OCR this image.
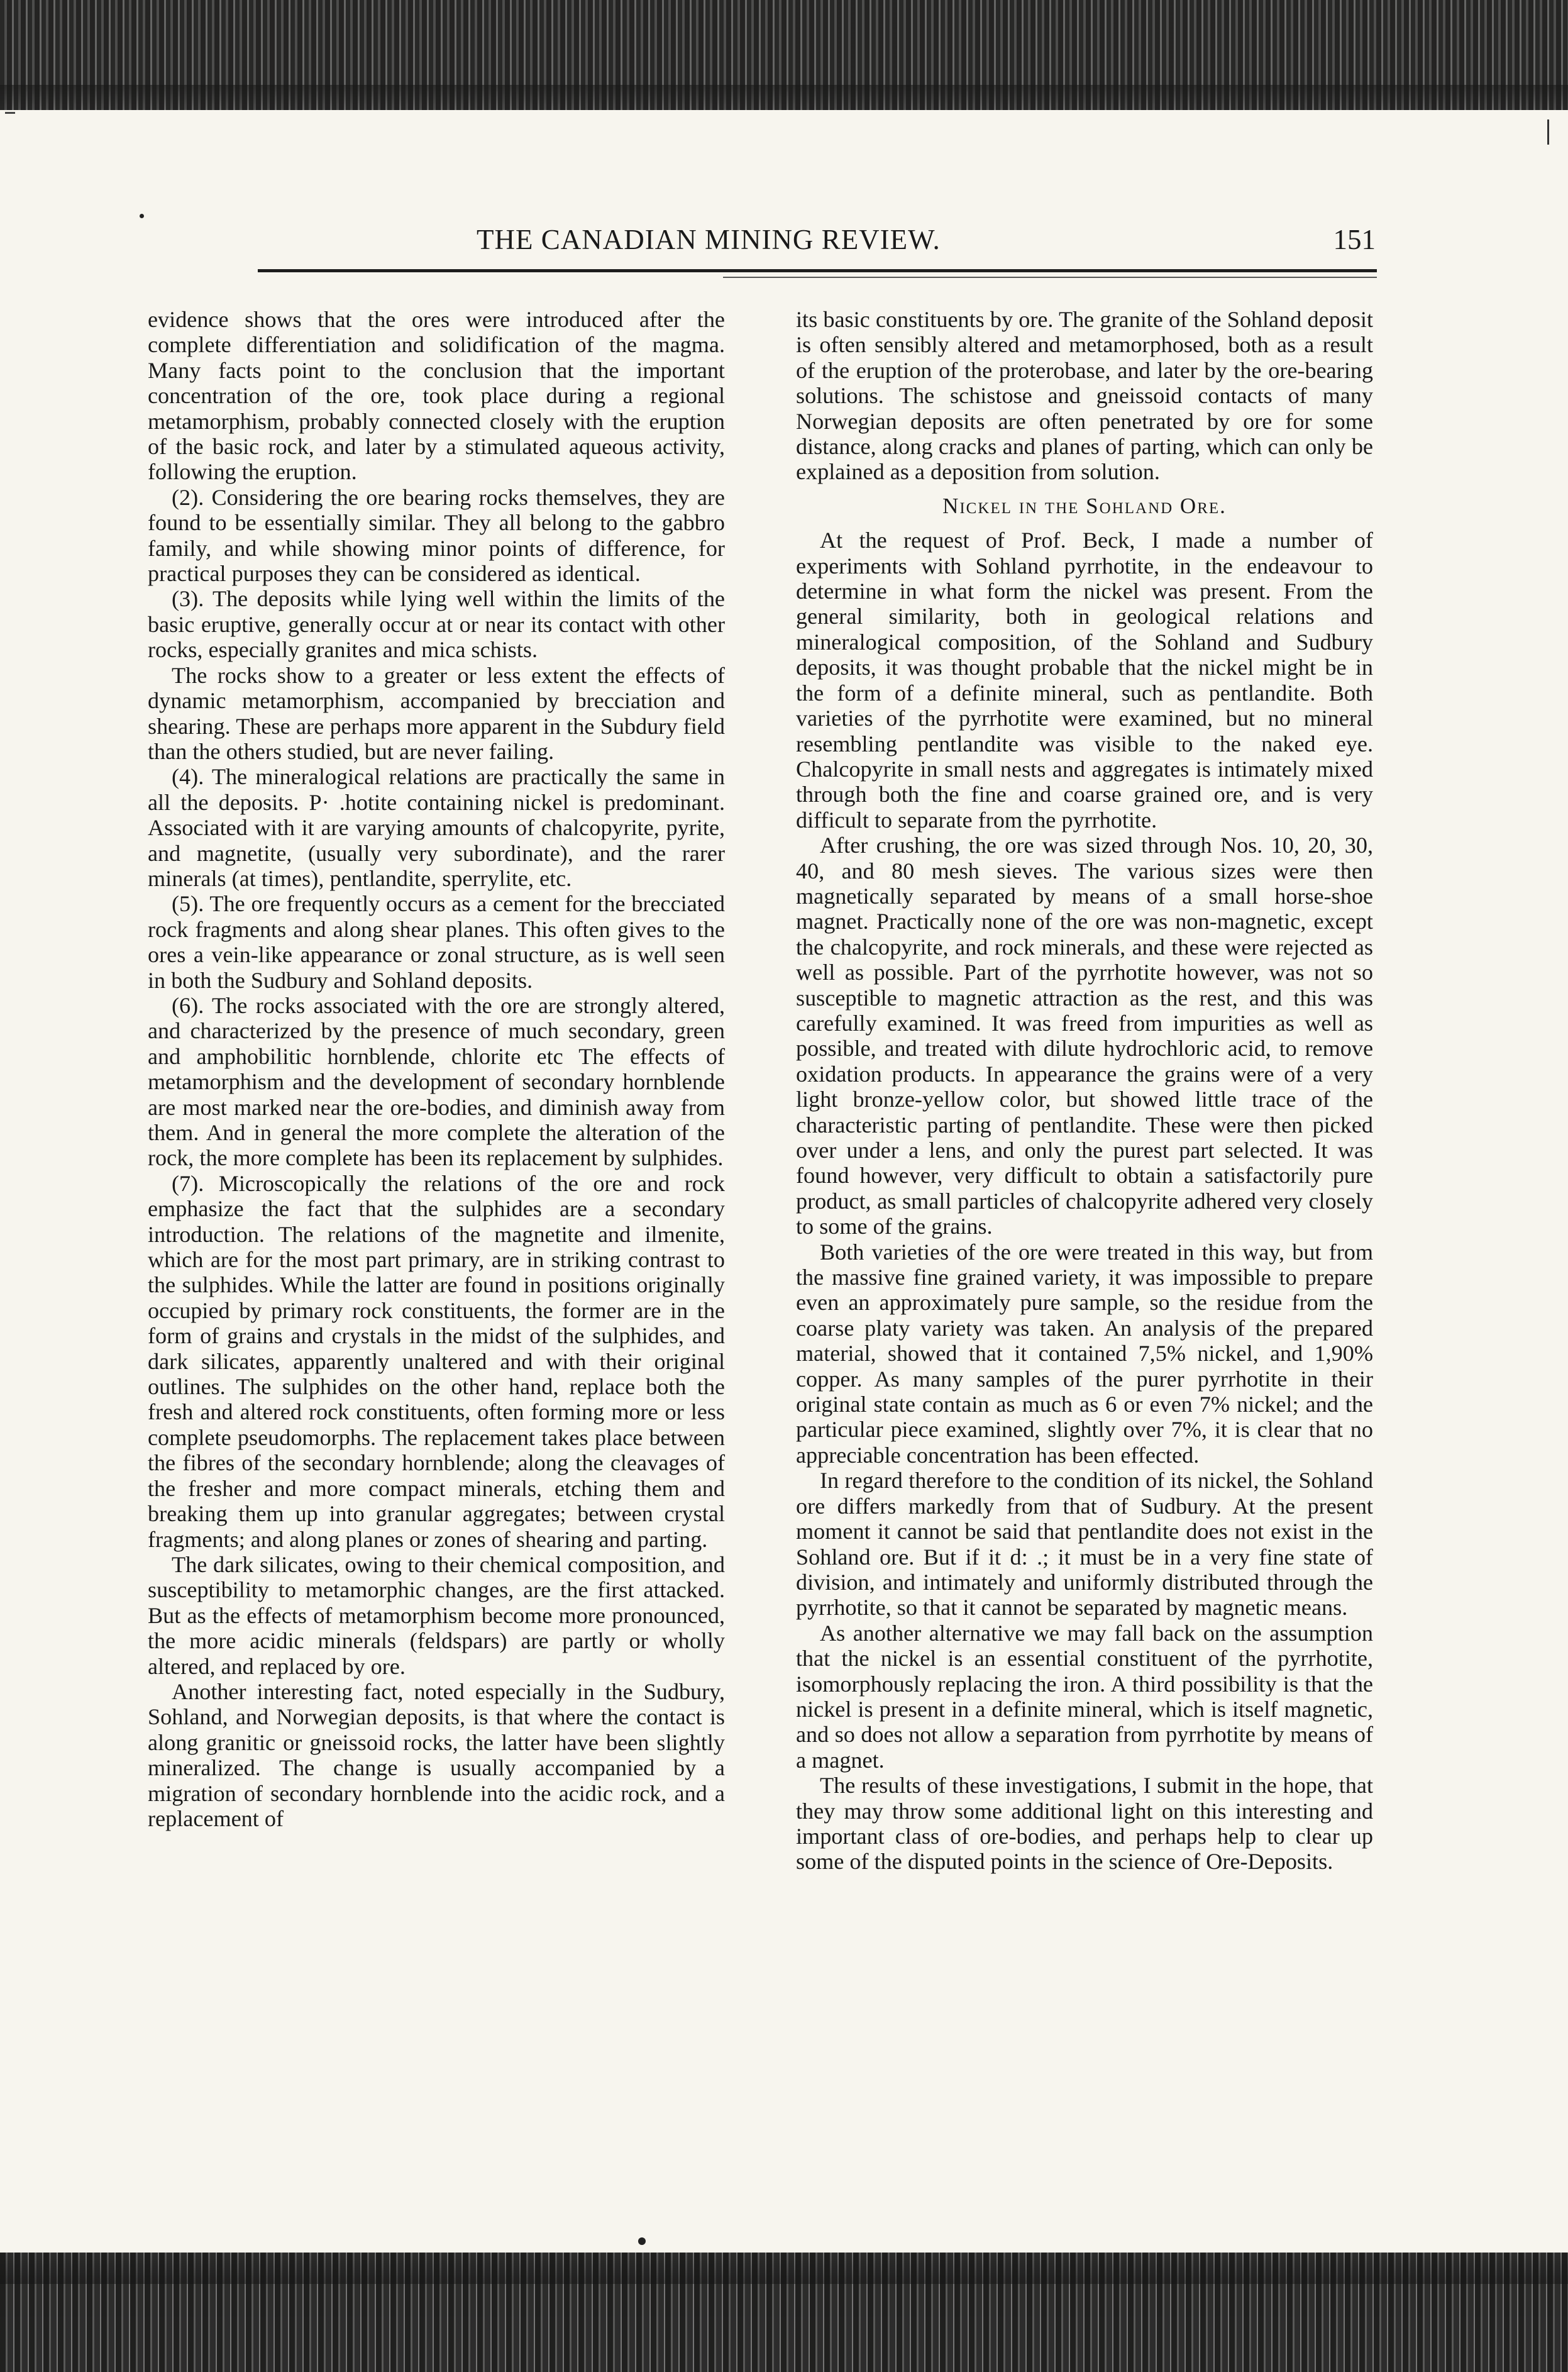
THE CANADIAN MINING REVIEW.	151

evidence shows that the ores were introduced after the complete differentiation and solidification of the magma. Many facts point to the conclusion that the important concentration of the ore, took place during a regional metamorphism, probably connected closely with the eruption of the basic rock, and later by a stimulated aqueous activity, following the eruption.

(2). Considering the ore bearing rocks themselves, they are found to be essentially similar. They all belong to the gabbro family, and while showing minor points of difference, for practical purposes they can be considered as identical.

(3). The deposits while lying well within the limits of the basic eruptive, generally occur at or near its contact with other rocks, especially granites and mica schists.

The rocks show to a greater or less extent the effects of dynamic metamorphism, accompanied by brecciation and shearing. These are perhaps more apparent in the Subdury field than the others studied, but are never failing.

(4). The mineralogical relations are practically the same in all the deposits. P· .hotite containing nickel is predominant. Associated with it are varying amounts of chalcopyrite, pyrite, and magnetite, (usually very subordinate), and the rarer minerals (at times), pentlandite, sperrylite, etc.

(5). The ore frequently occurs as a cement for the brecciated rock fragments and along shear planes. This often gives to the ores a vein-like appearance or zonal structure, as is well seen in both the Sudbury and Sohland deposits.

(6). The rocks associated with the ore are strongly altered, and characterized by the presence of much secondary, green and amphobilitic hornblende, chlorite etc The effects of metamorphism and the development of secondary hornblende are most marked near the ore-bodies, and diminish away from them. And in general the more complete the alteration of the rock, the more complete has been its replacement by sulphides.

(7). Microscopically the relations of the ore and rock emphasize the fact that the sulphides are a secondary introduction. The relations of the magnetite and ilmenite, which are for the most part primary, are in striking contrast to the sulphides. While the latter are found in positions originally occupied by primary rock constituents, the former are in the form of grains and crystals in the midst of the sulphides, and dark silicates, apparently unaltered and with their original outlines. The sulphides on the other hand, replace both the fresh and altered rock constituents, often forming more or less complete pseudomorphs. The replacement takes place between the fibres of the secondary hornblende; along the cleavages of the fresher and more compact minerals, etching them and breaking them up into granular aggregates; between crystal fragments; and along planes or zones of shearing and parting.

The dark silicates, owing to their chemical composition, and susceptibility to metamorphic changes, are the first attacked. But as the effects of metamorphism become more pronounced, the more acidic minerals (feldspars) are partly or wholly altered, and replaced by ore.

Another interesting fact, noted especially in the Sudbury, Sohland, and Norwegian deposits, is that where the contact is along granitic or gneissoid rocks, the latter have been slightly mineralized. The change is usually accompanied by a migration of secondary hornblende into the acidic rock, and a replacement of

its basic constituents by ore. The granite of the Sohland deposit is often sensibly altered and metamorphosed, both as a result of the eruption of the proterobase, and later by the ore-bearing solutions. The schistose and gneissoid contacts of many Norwegian deposits are often penetrated by ore for some distance, along cracks and planes of parting, which can only be explained as a deposition from solution.

Nickel in the Sohland Ore.

At the request of Prof. Beck, I made a number of experiments with Sohland pyrrhotite, in the endeavour to determine in what form the nickel was present. From the general similarity, both in geological relations and mineralogical composition, of the Sohland and Sudbury deposits, it was thought probable that the nickel might be in the form of a definite mineral, such as pentlandite. Both varieties of the pyrrhotite were examined, but no mineral resembling pentlandite was visible to the naked eye. Chalcopyrite in small nests and aggregates is intimately mixed through both the fine and coarse grained ore, and is very difficult to separate from the pyrrhotite.

After crushing, the ore was sized through Nos. 10, 20, 30, 40, and 80 mesh sieves. The various sizes were then magnetically separated by means of a small horse-shoe magnet. Practically none of the ore was non-magnetic, except the chalcopyrite, and rock minerals, and these were rejected as well as possible. Part of the pyrrhotite however, was not so susceptible to magnetic attraction as the rest, and this was carefully examined. It was freed from impurities as well as possible, and treated with dilute hydrochloric acid, to remove oxidation products. In appearance the grains were of a very light bronze-yellow color, but showed little trace of the characteristic parting of pentlandite. These were then picked over under a lens, and only the purest part selected. It was found however, very difficult to obtain a satisfactorily pure product, as small particles of chalcopyrite adhered very closely to some of the grains.

Both varieties of the ore were treated in this way, but from the massive fine grained variety, it was impossible to prepare even an approximately pure sample, so the residue from the coarse platy variety was taken. An analysis of the prepared material, showed that it contained 7,5% nickel, and 1,90% copper. As many samples of the purer pyrrhotite in their original state contain as much as 6 or even 7% nickel; and the particular piece examined, slightly over 7%, it is clear that no appreciable concentration has been effected.

In regard therefore to the condition of its nickel, the Sohland ore differs markedly from that of Sudbury. At the present moment it cannot be said that pentlandite does not exist in the Sohland ore. But if it d: .; it must be in a very fine state of division, and intimately and uniformly distributed through the pyrrhotite, so that it cannot be separated by magnetic means.

As another alternative we may fall back on the assumption that the nickel is an essential constituent of the pyrrhotite, isomorphously replacing the iron. A third possibility is that the nickel is present in a definite mineral, which is itself magnetic, and so does not allow a separation from pyrrhotite by means of a magnet.

The results of these investigations, I submit in the hope, that they may throw some additional light on this interesting and important class of ore-bodies, and perhaps help to clear up some of the disputed points in the science of Ore-Deposits.
